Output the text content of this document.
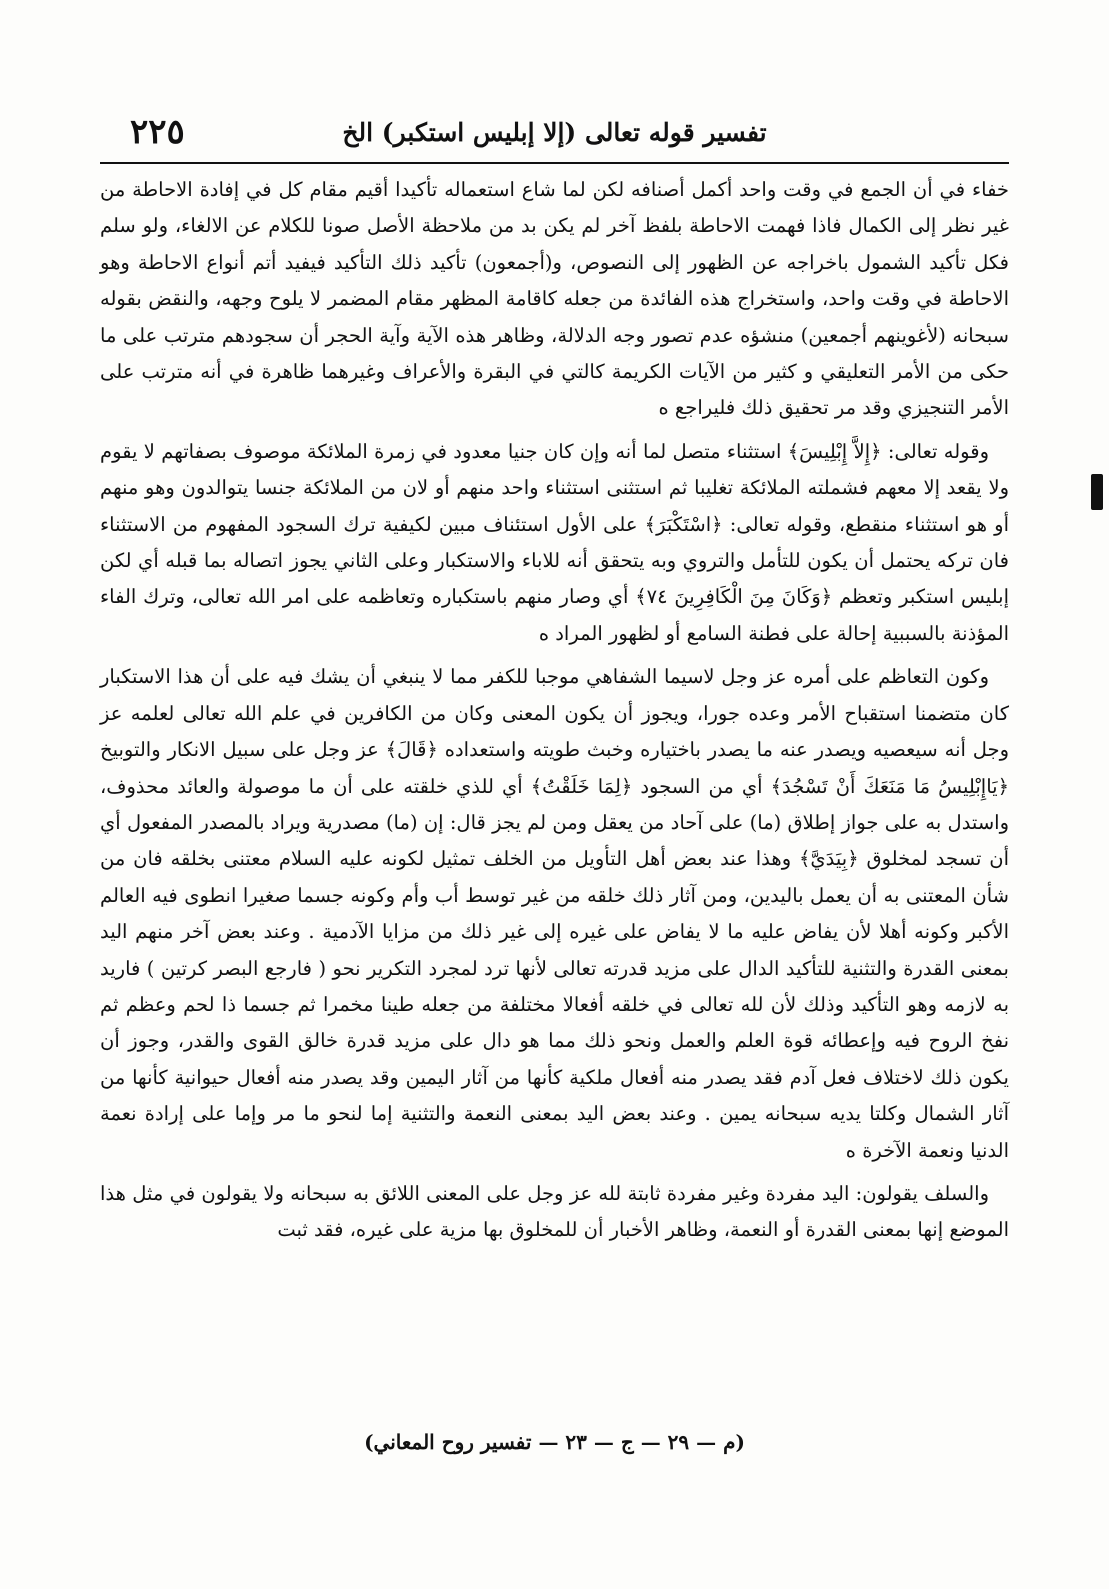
٢٢٥	تفسير قوله تعالى (إلا إبليس استكبر) الخ

خفاء في أن الجمع في وقت واحد أكمل أصنافه لكن لما شاع استعماله تأكيدا أقيم مقام كل في إفادة الاحاطة من غير نظر إلى الكمال فاذا فهمت الاحاطة بلفظ آخر لم يكن بد من ملاحظة الأصل صونا للكلام عن الالغاء، ولو سلم فكل تأكيد الشمول باخراجه عن الظهور إلى النصوص، و(أجمعون) تأكيد ذلك التأكيد فيفيد أتم أنواع الاحاطة وهو الاحاطة في وقت واحد، واستخراج هذه الفائدة من جعله كاقامة المظهر مقام المضمر لا يلوح وجهه، والنقض بقوله سبحانه (لأغوينهم أجمعين) منشؤه عدم تصور وجه الدلالة، وظاهر هذه الآية وآية الحجر أن سجودهم مترتب على ما حكى من الأمر التعليقي و كثير من الآيات الكريمة كالتي في البقرة والأعراف وغيرهما ظاهرة في أنه مترتب على الأمر التنجيزي وقد مر تحقيق ذلك فليراجع ه

وقوله تعالى: ﴿إِلاَّ إِبْلِيسَ﴾ استثناء متصل لما أنه وإن كان جنيا معدود في زمرة الملائكة موصوف بصفاتهم لا يقوم ولا يقعد إلا معهم فشملته الملائكة تغليبا ثم استثنى استثناء واحد منهم أو لان من الملائكة جنسا يتوالدون وهو منهم أو هو استثناء منقطع، وقوله تعالى: ﴿اسْتَكْبَرَ﴾ على الأول استئناف مبين لكيفية ترك السجود المفهوم من الاستثناء فان تركه يحتمل أن يكون للتأمل والتروي وبه يتحقق أنه للاباء والاستكبار وعلى الثاني يجوز اتصاله بما قبله أي لكن إبليس استكبر وتعظم ﴿وَكَانَ مِنَ الْكَافِرِينَ ٧٤﴾ أي وصار منهم باستكباره وتعاظمه على امر الله تعالى، وترك الفاء المؤذنة بالسببية إحالة على فطنة السامع أو لظهور المراد ه

وكون التعاظم على أمره عز وجل لاسيما الشفاهي موجبا للكفر مما لا ينبغي أن يشك فيه على أن هذا الاستكبار كان متضمنا استقباح الأمر وعده جورا، ويجوز أن يكون المعنى وكان من الكافرين في علم الله تعالى لعلمه عز وجل أنه سيعصيه ويصدر عنه ما يصدر باختياره وخبث طويته واستعداده ﴿قَالَ﴾ عز وجل على سبيل الانكار والتوبيخ ﴿يَاإِبْلِيسُ مَا مَنَعَكَ أَنْ تَسْجُدَ﴾ أي من السجود ﴿لِمَا خَلَقْتُ﴾ أي للذي خلقته على أن ما موصولة والعائد محذوف، واستدل به على جواز إطلاق (ما) على آحاد من يعقل ومن لم يجز قال: إن (ما) مصدرية ويراد بالمصدر المفعول أي أن تسجد لمخلوق ﴿بِيَدَيَّ﴾ وهذا عند بعض أهل التأويل من الخلف تمثيل لكونه عليه السلام معتنى بخلقه فان من شأن المعتنى به أن يعمل باليدين، ومن آثار ذلك خلقه من غير توسط أب وأم وكونه جسما صغيرا انطوى فيه العالم الأكبر وكونه أهلا لأن يفاض عليه ما لا يفاض على غيره إلى غير ذلك من مزايا الآدمية . وعند بعض آخر منهم اليد بمعنى القدرة والتثنية للتأكيد الدال على مزيد قدرته تعالى لأنها ترد لمجرد التكرير نحو ( فارجع البصر كرتين ) فاريد به لازمه وهو التأكيد وذلك لأن لله تعالى في خلقه أفعالا مختلفة من جعله طينا مخمرا ثم جسما ذا لحم وعظم ثم نفخ الروح فيه وإعطائه قوة العلم والعمل ونحو ذلك مما هو دال على مزيد قدرة خالق القوى والقدر، وجوز أن يكون ذلك لاختلاف فعل آدم فقد يصدر منه أفعال ملكية كأنها من آثار اليمين وقد يصدر منه أفعال حيوانية كأنها من آثار الشمال وكلتا يديه سبحانه يمين . وعند بعض اليد بمعنى النعمة والتثنية إما لنحو ما مر وإما على إرادة نعمة الدنيا ونعمة الآخرة ه

والسلف يقولون: اليد مفردة وغير مفردة ثابتة لله عز وجل على المعنى اللائق به سبحانه ولا يقولون في مثل هذا الموضع إنها بمعنى القدرة أو النعمة، وظاهر الأخبار أن للمخلوق بها مزية على غيره، فقد ثبت

(م — ٢٩ — ج — ٢٣ — تفسير روح المعاني)
